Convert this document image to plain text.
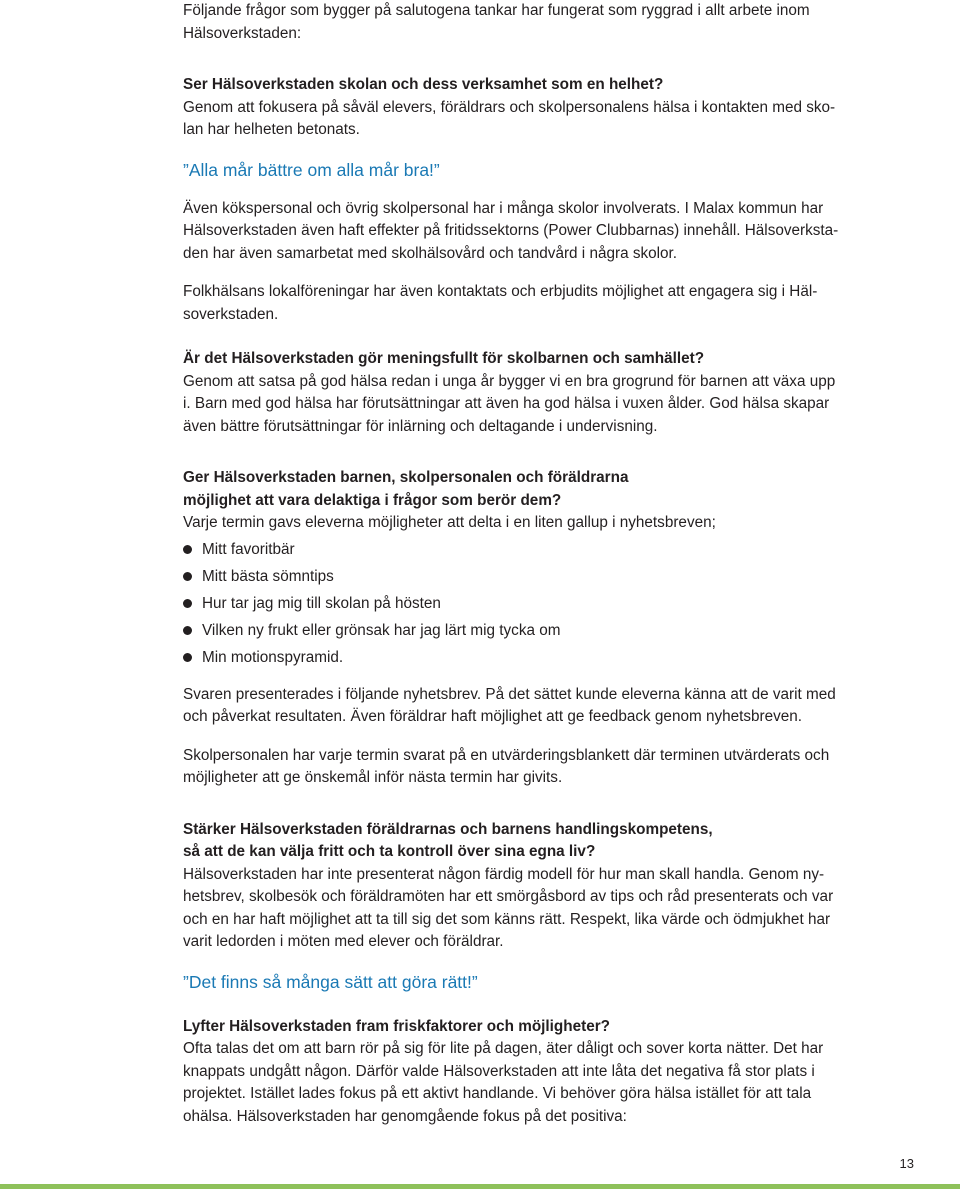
Följande frågor som bygger på salutogena tankar har fungerat som ryggrad i allt arbete inom

Hälsoverkstaden:

Ser Hälsoverkstaden skolan och dess verksamhet som en helhet?

Genom att fokusera på såväl elevers, föräldrars och skolpersonalens hälsa i kontakten med sko-

lan har helheten betonats.

”Alla mår bättre om alla mår bra!”

Även kökspersonal och övrig skolpersonal har i många skolor involverats. I Malax kommun har

Hälsoverkstaden även haft effekter på fritidssektorns (Power Clubbarnas) innehåll. Hälsoverksta-

den har även samarbetat med skolhälsovård och tandvård i några skolor.

Folkhälsans lokalföreningar har även kontaktats och erbjudits möjlighet att engagera sig i Häl-

soverkstaden.

Är det Hälsoverkstaden gör meningsfullt för skolbarnen och samhället?

Genom att satsa på god hälsa redan i unga år bygger vi en bra grogrund för barnen att växa upp

i. Barn med god hälsa har förutsättningar att även ha god hälsa i vuxen ålder. God hälsa skapar

även bättre förutsättningar för inlärning och deltagande i undervisning.

Ger Hälsoverkstaden barnen, skolpersonalen och föräldrarna

möjlighet att vara delaktiga i frågor som berör dem?

Varje termin gavs eleverna möjligheter att delta i en liten gallup i nyhetsbreven;

Mitt favoritbär
Mitt bästa sömntips
Hur tar jag mig till skolan på hösten
Vilken ny frukt eller grönsak har jag lärt mig tycka om
Min motionspyramid.

Svaren presenterades i följande nyhetsbrev. På det sättet kunde eleverna känna att de varit med

och påverkat resultaten. Även föräldrar haft möjlighet att ge feedback genom nyhetsbreven.

Skolpersonalen har varje termin svarat på en utvärderingsblankett där terminen utvärderats och

möjligheter att ge önskemål inför nästa termin har givits.

Stärker Hälsoverkstaden föräldrarnas och barnens handlingskompetens,

så att de kan välja fritt och ta kontroll över sina egna liv?

Hälsoverkstaden har inte presenterat någon färdig modell för hur man skall handla. Genom ny-

hetsbrev, skolbesök och föräldramöten har ett smörgåsbord av tips och råd presenterats och var

och en har haft möjlighet att ta till sig det som känns rätt. Respekt, lika värde och ödmjukhet har

varit ledorden i möten med elever och föräldrar.

”Det finns så många sätt att göra rätt!”

Lyfter Hälsoverkstaden fram friskfaktorer och möjligheter?

Ofta talas det om att barn rör på sig för lite på dagen, äter dåligt och sover korta nätter. Det har

knappats undgått någon. Därför valde Hälsoverkstaden att inte låta det negativa få stor plats i

projektet. Istället lades fokus på ett aktivt handlande. Vi behöver göra hälsa istället för att tala

ohälsa. Hälsoverkstaden har genomgående fokus på det positiva:

13
